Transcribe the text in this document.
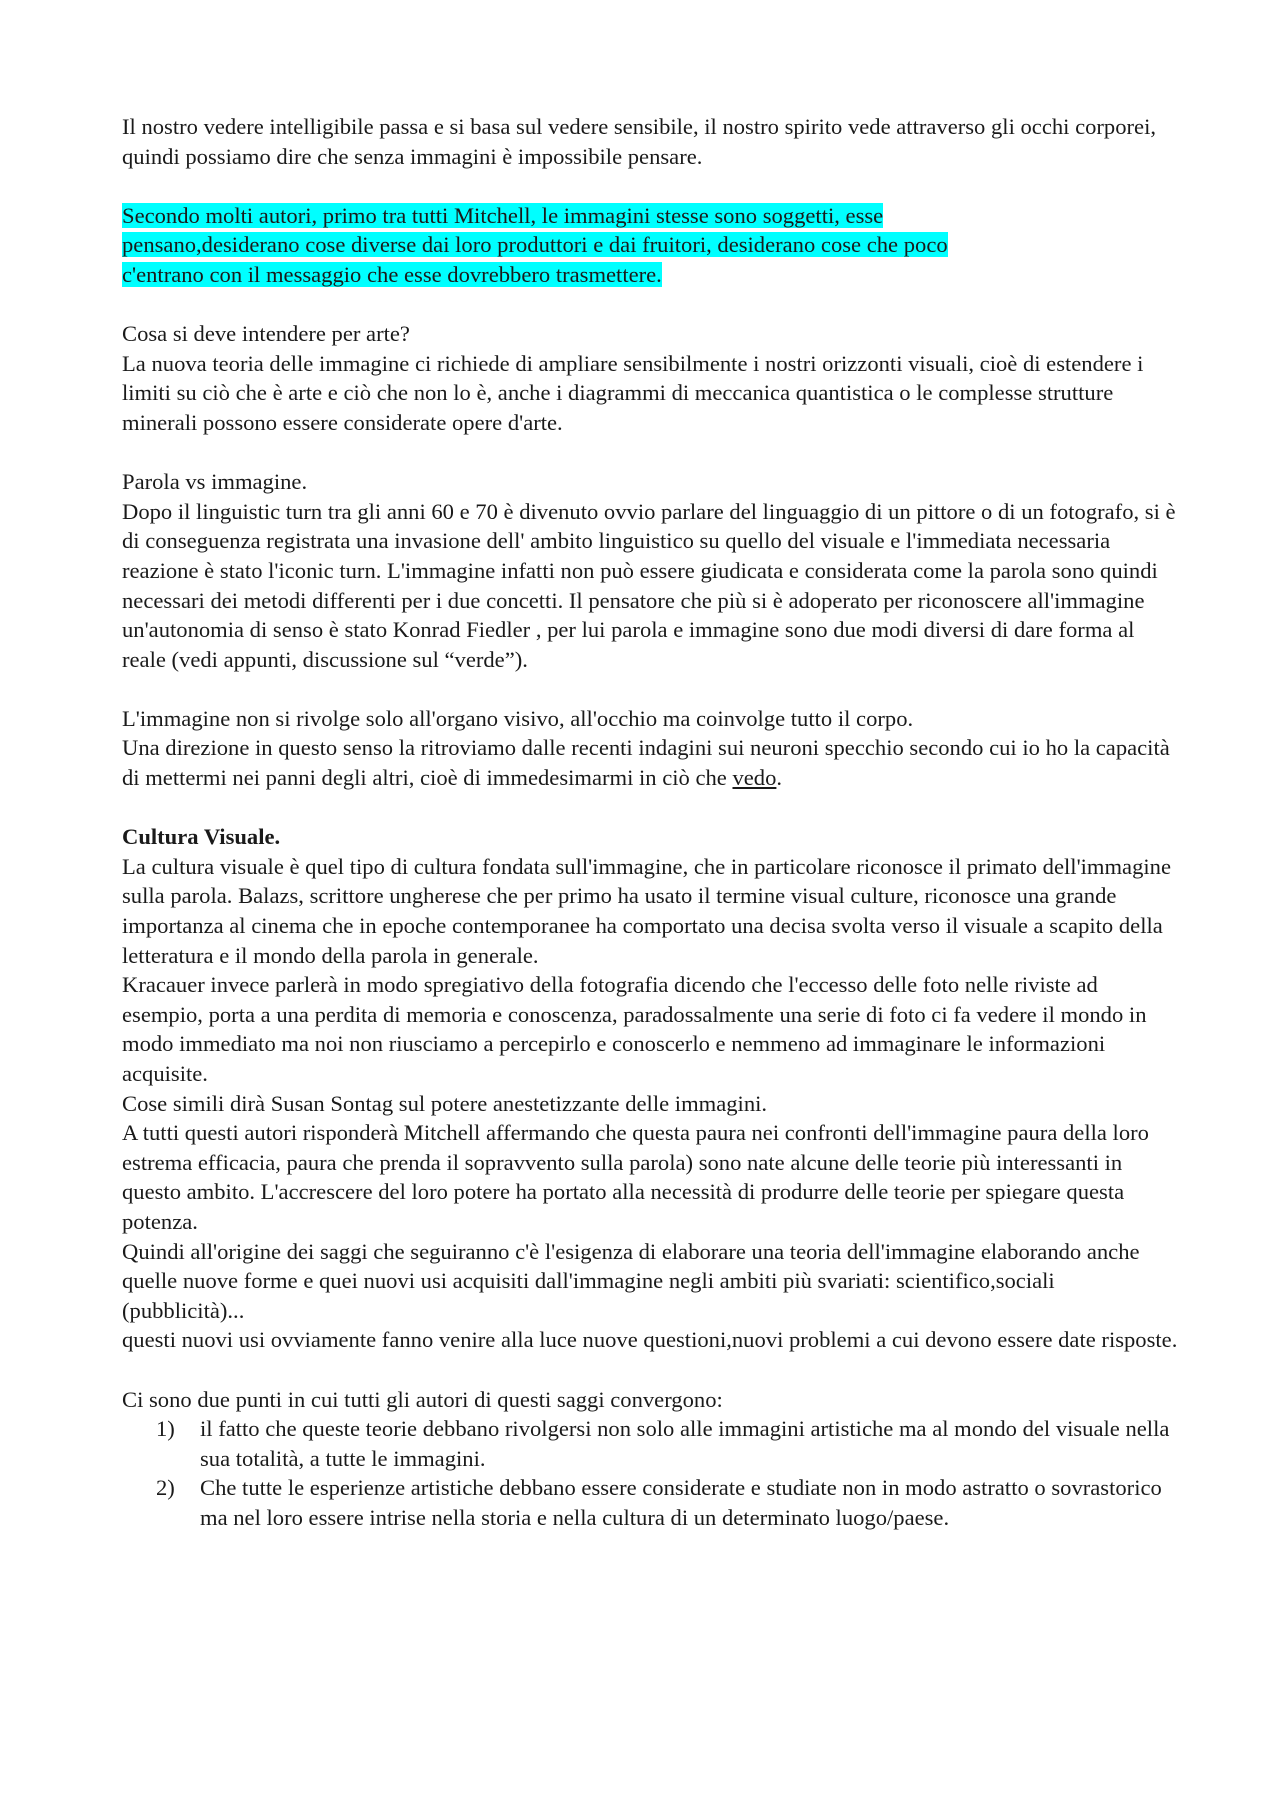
Il nostro vedere intelligibile passa e si basa sul vedere sensibile, il nostro spirito vede attraverso gli occhi corporei, quindi possiamo dire che senza immagini è impossibile pensare.

Secondo molti autori, primo tra tutti Mitchell, le immagini stesse sono soggetti, esse
pensano,desiderano cose diverse dai loro produttori e dai fruitori, desiderano cose che poco
c'entrano con il messaggio che esse dovrebbero trasmettere.

Cosa si deve intendere per arte?

La nuova teoria delle immagine ci richiede di ampliare sensibilmente i nostri orizzonti visuali, cioè di estendere i limiti su ciò che è arte e ciò che non lo è, anche i diagrammi di meccanica quantistica o le complesse strutture minerali possono essere considerate opere d'arte.

Parola vs immagine.

Dopo il linguistic turn tra gli anni 60 e 70 è divenuto ovvio parlare del linguaggio di un pittore o di un fotografo, si è di conseguenza registrata una invasione dell' ambito linguistico su quello del visuale e l'immediata necessaria reazione è stato l'iconic turn. L'immagine infatti non può essere giudicata e considerata come la parola sono quindi necessari dei metodi differenti per i due concetti. Il pensatore che più si è adoperato per riconoscere all'immagine un'autonomia di senso è stato Konrad Fiedler , per lui parola e immagine sono due modi diversi di dare forma al reale (vedi appunti, discussione sul “verde”).

L'immagine non si rivolge solo all'organo visivo, all'occhio ma coinvolge tutto il corpo.

Una direzione in questo senso la ritroviamo dalle recenti indagini sui neuroni specchio secondo cui io ho la capacità di mettermi nei panni degli altri, cioè di immedesimarmi in ciò che vedo.

Cultura Visuale.

La cultura visuale è quel tipo di cultura fondata sull'immagine, che in particolare riconosce il primato dell'immagine sulla parola. Balazs, scrittore ungherese che per primo ha usato il termine visual culture, riconosce una grande importanza al cinema che in epoche contemporanee ha comportato una decisa svolta verso il visuale a scapito della letteratura e il mondo della parola in generale.

Kracauer invece parlerà in modo spregiativo della fotografia dicendo che l'eccesso delle foto nelle riviste ad esempio, porta a una perdita di memoria e conoscenza, paradossalmente una serie di foto ci fa vedere il mondo in modo immediato ma noi non riusciamo a percepirlo e conoscerlo e nemmeno ad immaginare le informazioni acquisite.

Cose simili dirà Susan Sontag sul potere anestetizzante delle immagini.

A tutti questi autori risponderà Mitchell affermando che questa paura nei confronti dell'immagine paura della loro estrema efficacia, paura che prenda il sopravvento sulla parola) sono nate alcune delle teorie più interessanti in questo ambito. L'accrescere del loro potere ha portato alla necessità di produrre delle teorie per spiegare questa potenza.

Quindi all'origine dei saggi che seguiranno c'è l'esigenza di elaborare una teoria dell'immagine elaborando anche quelle nuove forme e quei nuovi usi acquisiti dall'immagine negli ambiti più svariati: scientifico,sociali (pubblicità)...

questi nuovi usi ovviamente fanno venire alla luce nuove questioni,nuovi problemi a cui devono essere date risposte.

Ci sono due punti in cui tutti gli autori di questi saggi convergono:

1) il fatto che queste teorie debbano rivolgersi non solo alle immagini artistiche ma al mondo del visuale nella sua totalità, a tutte le immagini.
2) Che tutte le esperienze artistiche debbano essere considerate e studiate non in modo astratto o sovrastorico ma nel loro essere intrise nella storia e nella cultura di un determinato luogo/paese.
